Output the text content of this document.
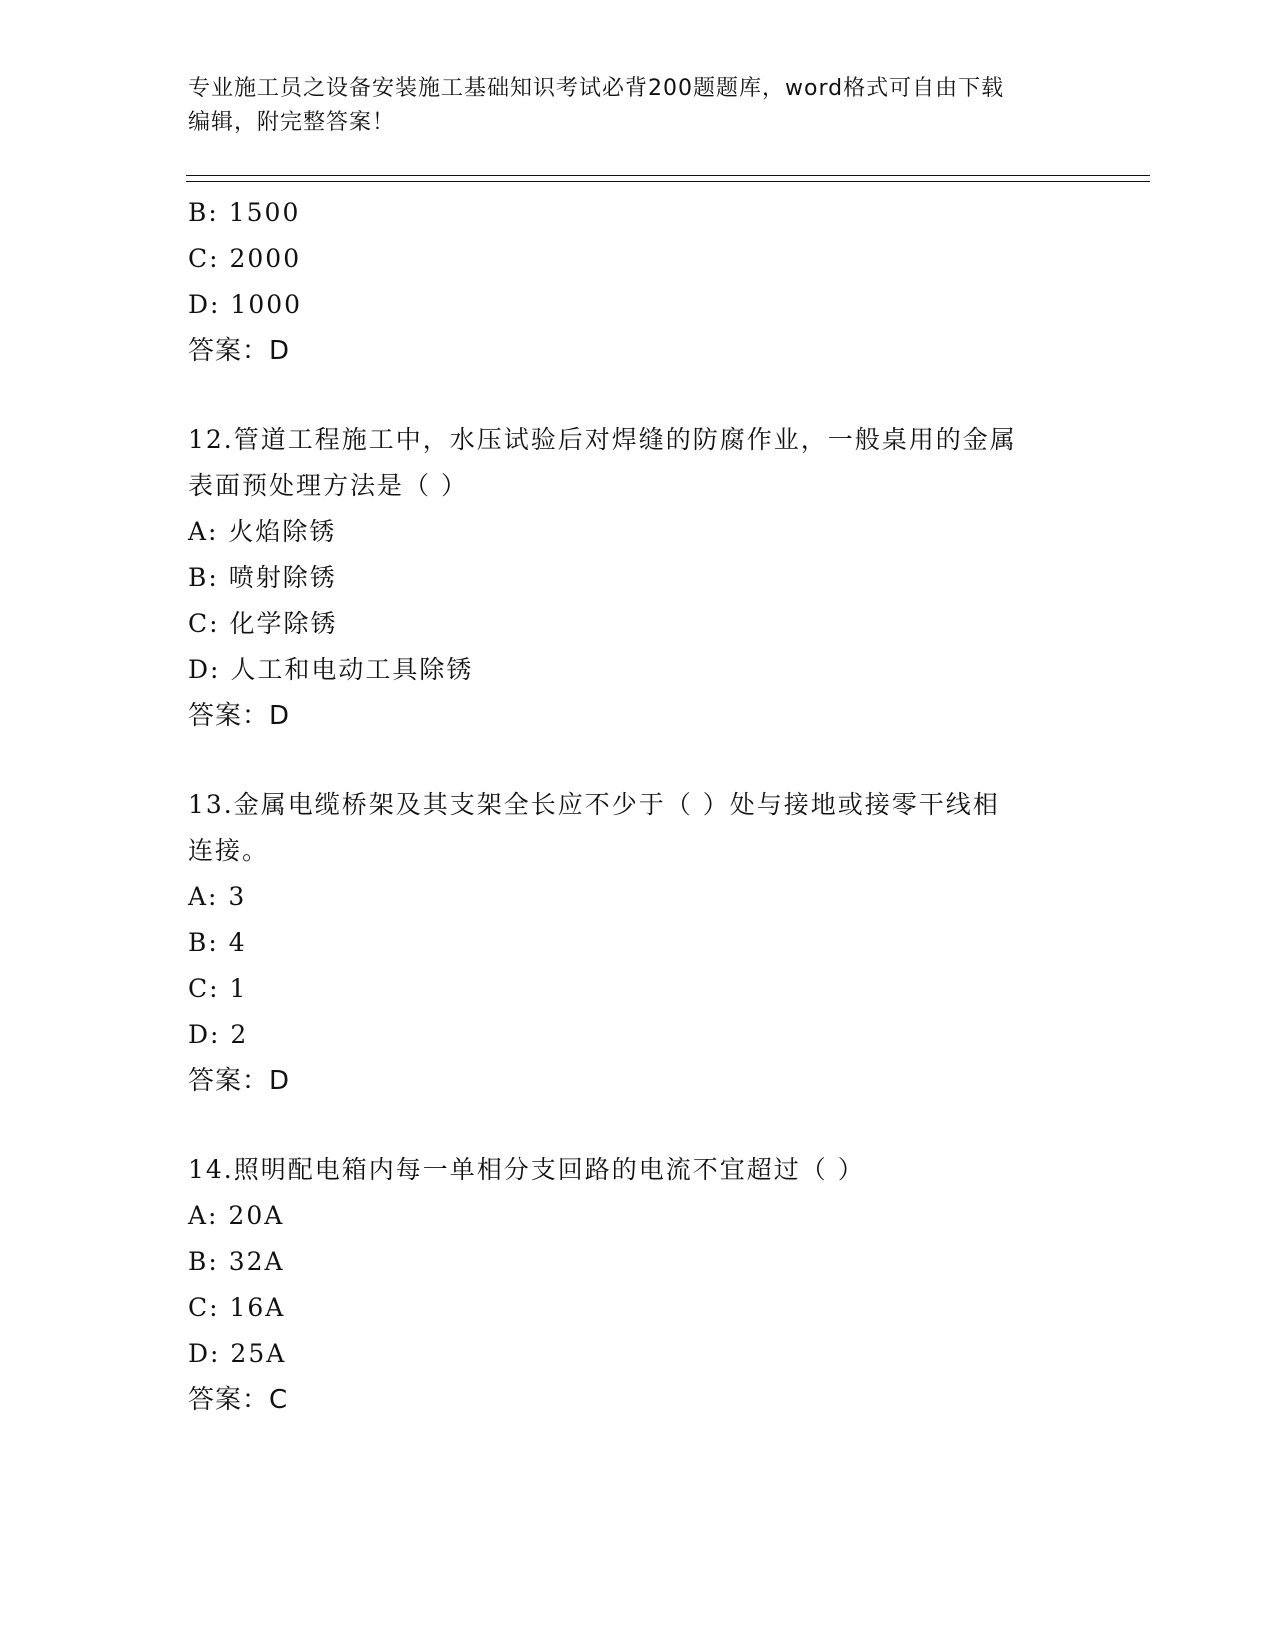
专业施工员之设备安装施工基础知识考试必背200题题库，word格式可自由下载
编辑，附完整答案！
B: 1500
C: 2000
D: 1000
答案：D
12.管道工程施工中，水压试验后对焊缝的防腐作业，一般桌用的金属
表面预处理方法是（ ）
A: 火焰除锈
B: 喷射除锈
C: 化学除锈
D: 人工和电动工具除锈
答案：D
13.金属电缆桥架及其支架全长应不少于（ ）处与接地或接零干线相
连接。
A: 3
B: 4
C: 1
D: 2
答案：D
14.照明配电箱内每一单相分支回路的电流不宜超过（ ）
A: 20A
B: 32A
C: 16A
D: 25A
答案：C
